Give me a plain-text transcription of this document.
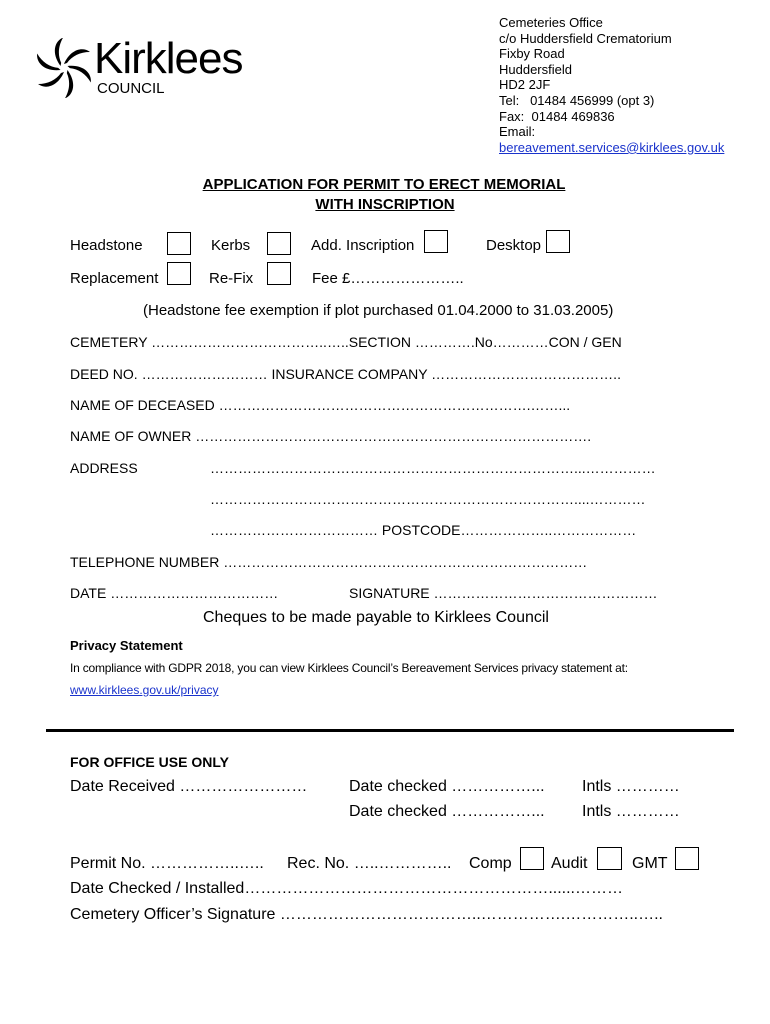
Kirklees
COUNCIL
Cemeteries Office
c/o Huddersfield Crematorium
Fixby Road
Huddersfield
HD2 2JF
Tel:   01484 456999 (opt 3)
Fax:  01484 469836
Email:
bereavement.services@kirklees.gov.uk
APPLICATION FOR PERMIT TO ERECT MEMORIAL
WITH INSCRIPTION
Headstone	Kerbs	Add. Inscription	Desktop
Replacement	Re-Fix	Fee £…………………..
(Headstone fee exemption if plot purchased 01.04.2000 to 31.03.2005)
CEMETERY ………………………………..…..SECTION ………….No…………CON / GEN
DEED NO. ……………………… INSURANCE COMPANY …………………………………..
NAME OF DECEASED ………………………………………………………….……...
NAME OF OWNER ………………………………………………………………………….
ADDRESS	……………………………………………………………………...……………
……………………………………………………………………....…………
……………………………… POSTCODE………………..………………
TELEPHONE NUMBER ……………………………………………………………………
DATE ………………………………	SIGNATURE …………………………………………
Cheques to be made payable to Kirklees Council
Privacy Statement
In compliance with GDPR 2018, you can view Kirklees Council’s Bereavement Services privacy statement at:
www.kirklees.gov.uk/privacy
FOR OFFICE USE ONLY
Date Received ……………………	Date checked ……………... Intls …………
Date checked ……………... Intls …………
Permit No. ……………..….. Rec. No. …..………….. Comp Audit	GMT
Date Checked / Installed…………………………………………………......………
Cemetery Officer’s Signature ………………………………..…………….…………..…..
